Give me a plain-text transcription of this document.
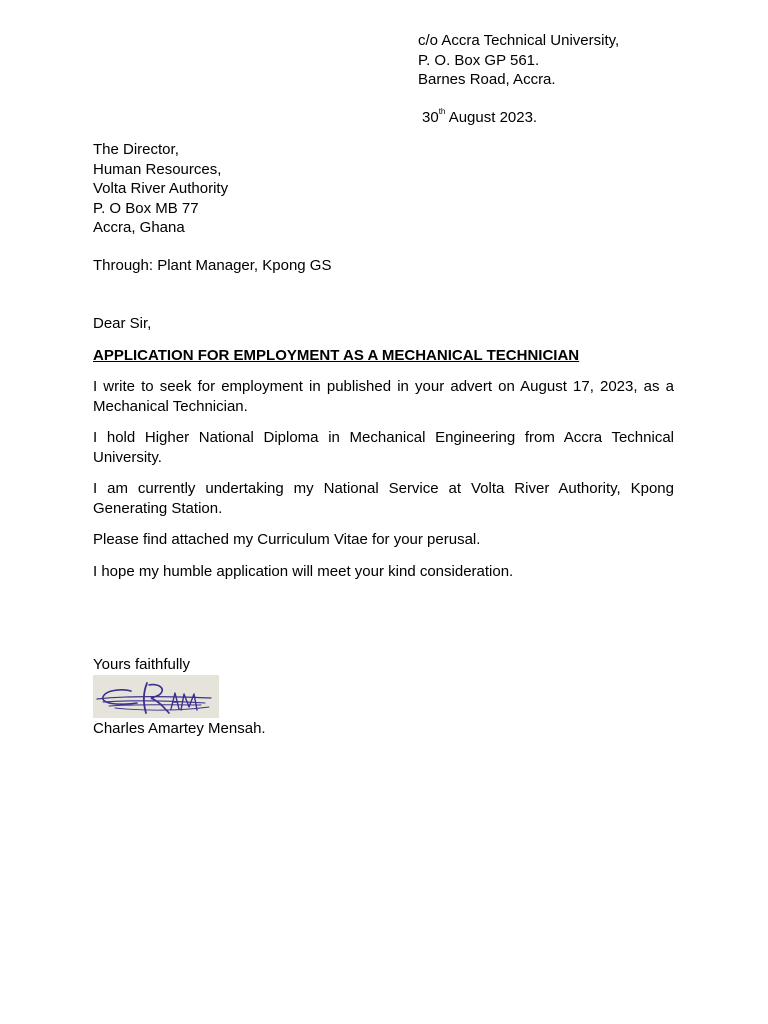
c/o Accra Technical University,
P. O. Box GP 561.
Barnes Road, Accra.
30th August 2023.
The Director,
Human Resources,
Volta River Authority
P. O Box MB 77
Accra, Ghana
Through: Plant Manager, Kpong GS
Dear Sir,
APPLICATION FOR EMPLOYMENT AS A MECHANICAL TECHNICIAN

I write to seek for employment in published in your advert on August 17, 2023, as a Mechanical Technician.

I hold Higher National Diploma in Mechanical Engineering from Accra Technical University.

I am currently undertaking my National Service at Volta River Authority, Kpong Generating Station.

Please find attached my Curriculum Vitae for your perusal.

I hope my humble application will meet your kind consideration.

Yours faithfully
Charles Amartey Mensah.
